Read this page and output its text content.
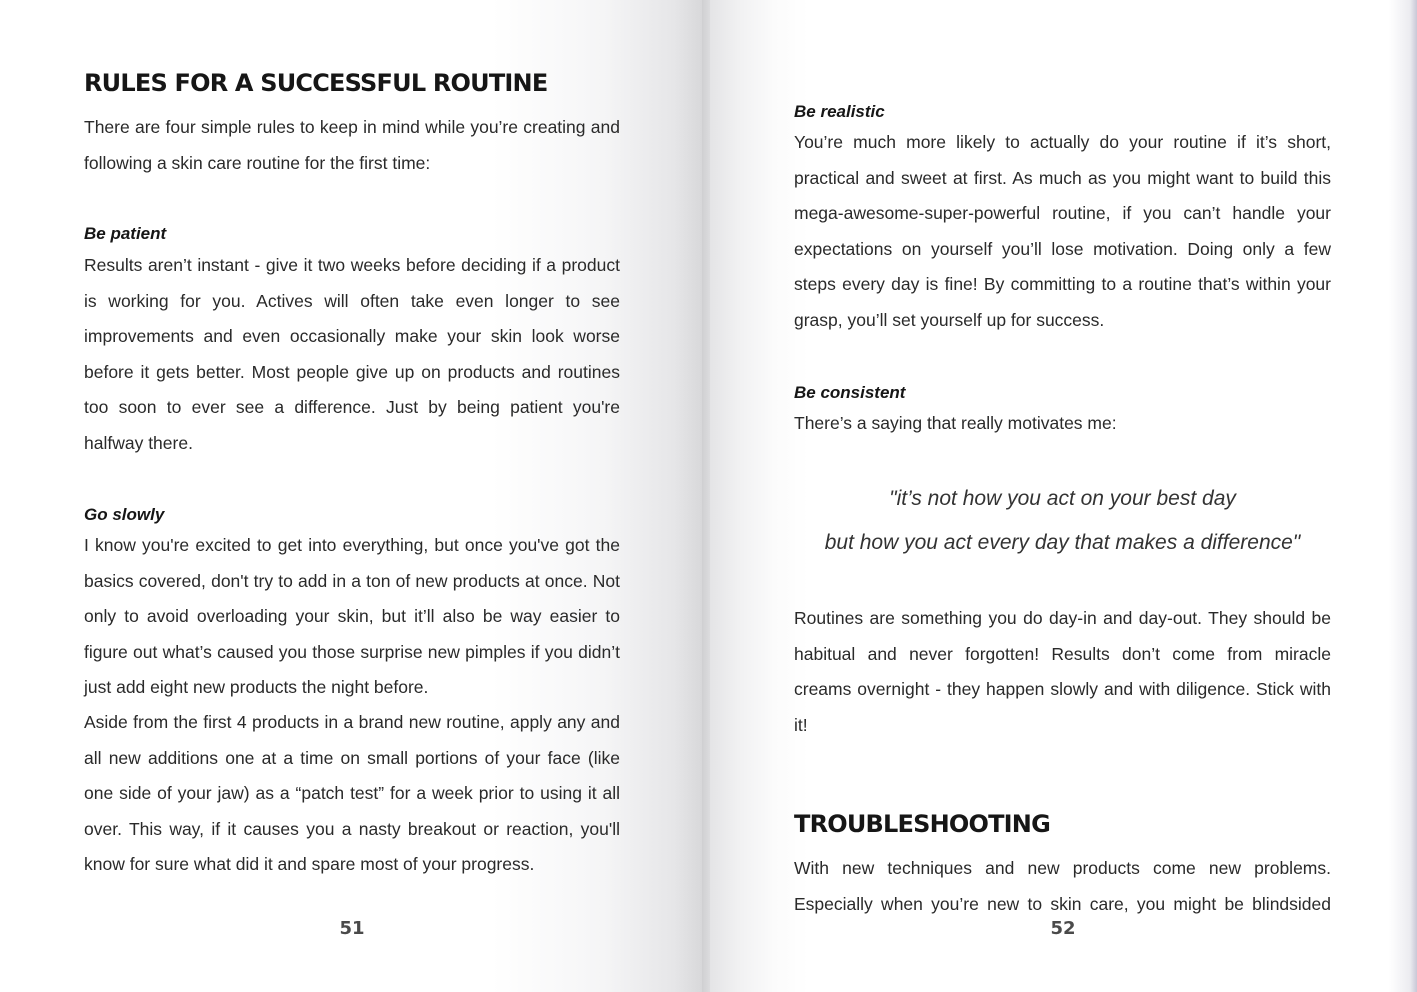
RULES FOR A SUCCESSFUL ROUTINE

There are four simple rules to keep in mind while you’re creating and following a skin care routine for the first time:

Be patient

Results aren’t instant - give it two weeks before deciding if a product is working for you. Actives will often take even longer to see improvements and even occasionally make your skin look worse before it gets better. Most people give up on products and routines too soon to ever see a difference. Just by being patient you're halfway there.

Go slowly

I know you're excited to get into everything, but once you've got the basics covered, don't try to add in a ton of new products at once. Not only to avoid overloading your skin, but it’ll also be way easier to figure out what’s caused you those surprise new pimples if you didn’t just add eight new products the night before.

Aside from the first 4 products in a brand new routine, apply any and all new additions one at a time on small portions of your face (like one side of your jaw) as a “patch test” for a week prior to using it all over. This way, if it causes you a nasty breakout or reaction, you'll know for sure what did it and spare most of your progress.

51
Be realistic

You’re much more likely to actually do your routine if it’s short, practical and sweet at first. As much as you might want to build this mega-awesome-super-powerful routine, if you can’t handle your expectations on yourself you’ll lose motivation. Doing only a few steps every day is fine! By committing to a routine that’s within your grasp, you’ll set yourself up for success.

Be consistent

There’s a saying that really motivates me:

"it’s not how you act on your best day
but how you act every day that makes a difference"

Routines are something you do day-in and day-out. They should be habitual and never forgotten! Results don’t come from miracle creams overnight - they happen slowly and with diligence. Stick with it!

TROUBLESHOOTING

With new techniques and new products come new problems. Especially when you’re new to skin care, you might be blindsided

52
